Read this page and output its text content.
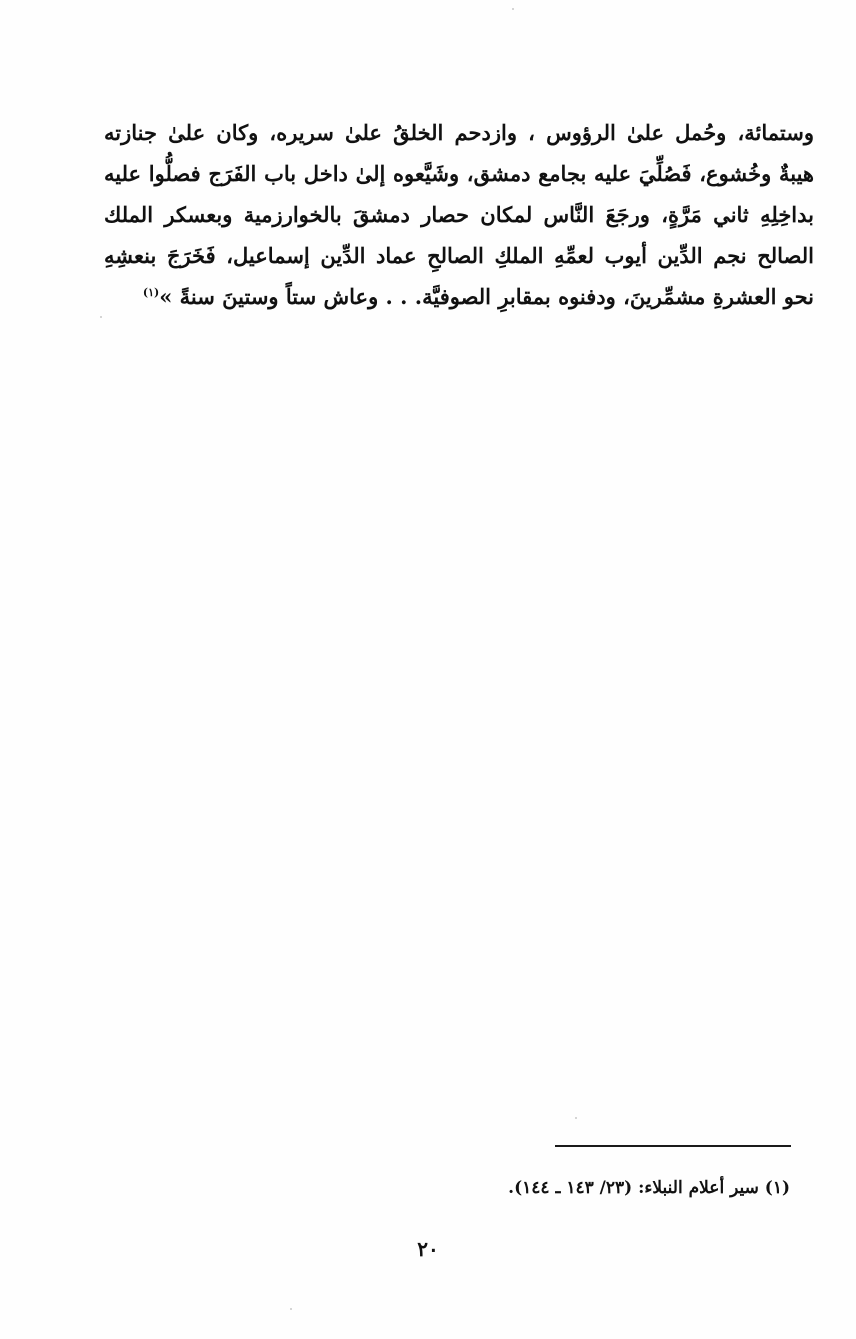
وستمائة، وحُمل علىٰ الرؤوس ، وازدحم الخلقُ علىٰ سريره، وكان علىٰ جنازته
هيبةٌ وخُشوع، فَصُلِّيَ عليه بجامع دمشق، وشَيَّعوه إلىٰ داخل باب الفَرَج فصلُّوا عليه
بداخِلِهِ ثاني مَرَّةٍ، ورجَعَ النَّاس لمكان حصار دمشقَ بالخوارزمية وبعسكر الملك
الصالح نجم الدِّين أيوب لعمِّهِ الملكِ الصالحِ عماد الدِّين إسماعيل، فَخَرَجَ بنعشِهِ
نحو العشرةِ مشمِّرينَ، ودفنوه بمقابرِ الصوفيَّة. . . وعاش ستاً وستينَ سنةً »$^{(١)}$
(١) سير أعلام النبلاء: (٢٣/ ١٤٣ ـ ١٤٤).
٢٠
